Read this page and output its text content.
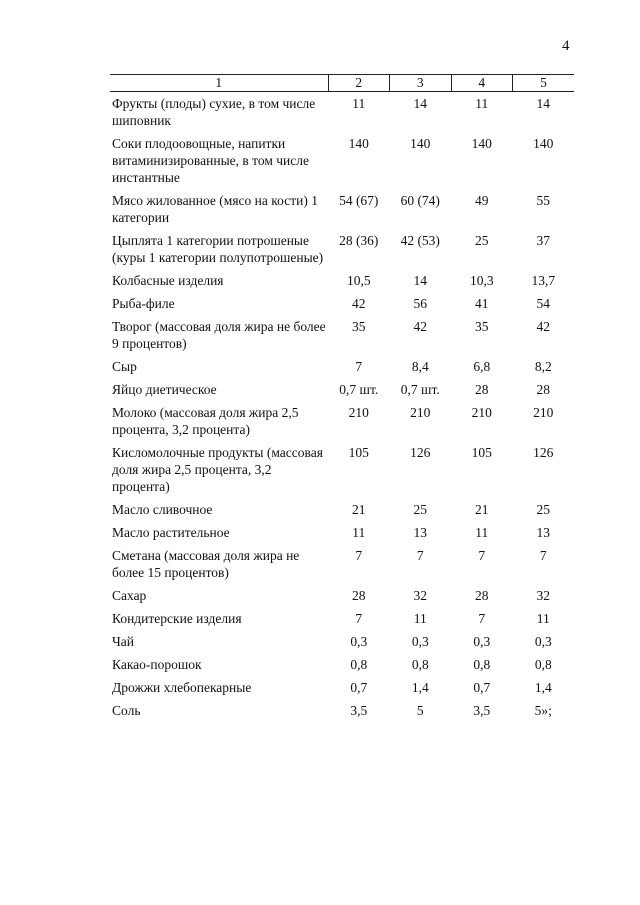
4
1	2	3	4	5
Фрукты (плоды) сухие, в том числе шиповник	11	14	11	14
Соки плодоовощные, напитки витаминизированные, в том числе инстантные	140	140	140	140
Мясо жилованное (мясо на кости) 1 категории	54 (67)	60 (74)	49	55
Цыплята 1 категории потрошеные (куры 1 категории полупотрошеные)	28 (36)	42 (53)	25	37
Колбасные изделия	10,5	14	10,3	13,7
Рыба-филе	42	56	41	54
Творог (массовая доля жира не более 9 процентов)	35	42	35	42
Сыр	7	8,4	6,8	8,2
Яйцо диетическое	0,7 шт.	0,7 шт.	28	28
Молоко (массовая доля жира 2,5 процента, 3,2 процента)	210	210	210	210
Кисломолочные продукты (массовая доля жира 2,5 процента, 3,2 процента)	105	126	105	126
Масло сливочное	21	25	21	25
Масло растительное	11	13	11	13
Сметана (массовая доля жира не более 15 процентов)	7	7	7	7
Сахар	28	32	28	32
Кондитерские изделия	7	11	7	11
Чай	0,3	0,3	0,3	0,3
Какао-порошок	0,8	0,8	0,8	0,8
Дрожжи хлебопекарные	0,7	1,4	0,7	1,4
Соль	3,5	5	3,5	5»;
